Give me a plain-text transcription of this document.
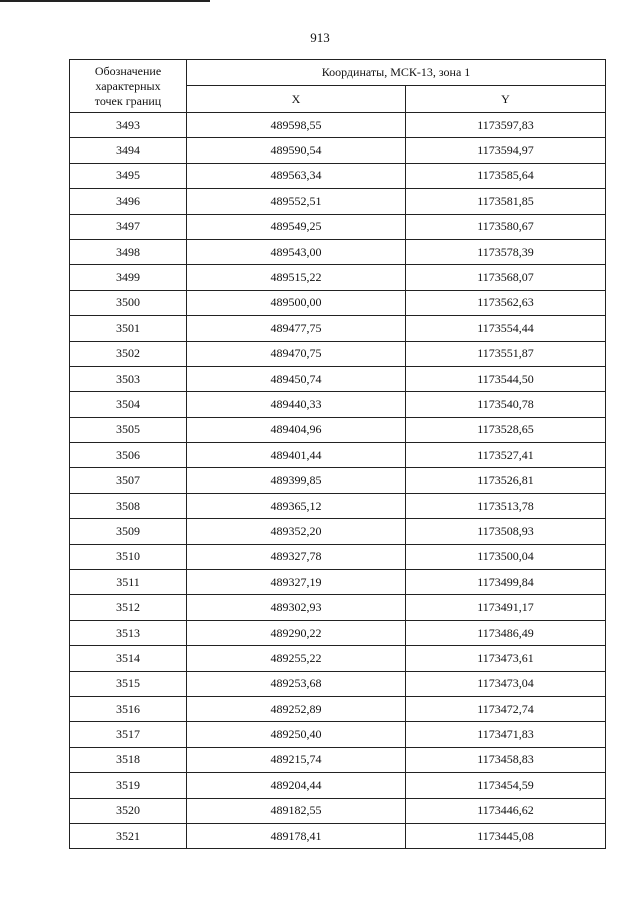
913
Обозначение
характерных
точек границ	Координаты, МСК-13, зона 1	
	X	Y
3493	489598,55	1173597,83
3494	489590,54	1173594,97
3495	489563,34	1173585,64
3496	489552,51	1173581,85
3497	489549,25	1173580,67
3498	489543,00	1173578,39
3499	489515,22	1173568,07
3500	489500,00	1173562,63
3501	489477,75	1173554,44
3502	489470,75	1173551,87
3503	489450,74	1173544,50
3504	489440,33	1173540,78
3505	489404,96	1173528,65
3506	489401,44	1173527,41
3507	489399,85	1173526,81
3508	489365,12	1173513,78
3509	489352,20	1173508,93
3510	489327,78	1173500,04
3511	489327,19	1173499,84
3512	489302,93	1173491,17
3513	489290,22	1173486,49
3514	489255,22	1173473,61
3515	489253,68	1173473,04
3516	489252,89	1173472,74
3517	489250,40	1173471,83
3518	489215,74	1173458,83
3519	489204,44	1173454,59
3520	489182,55	1173446,62
3521	489178,41	1173445,08
